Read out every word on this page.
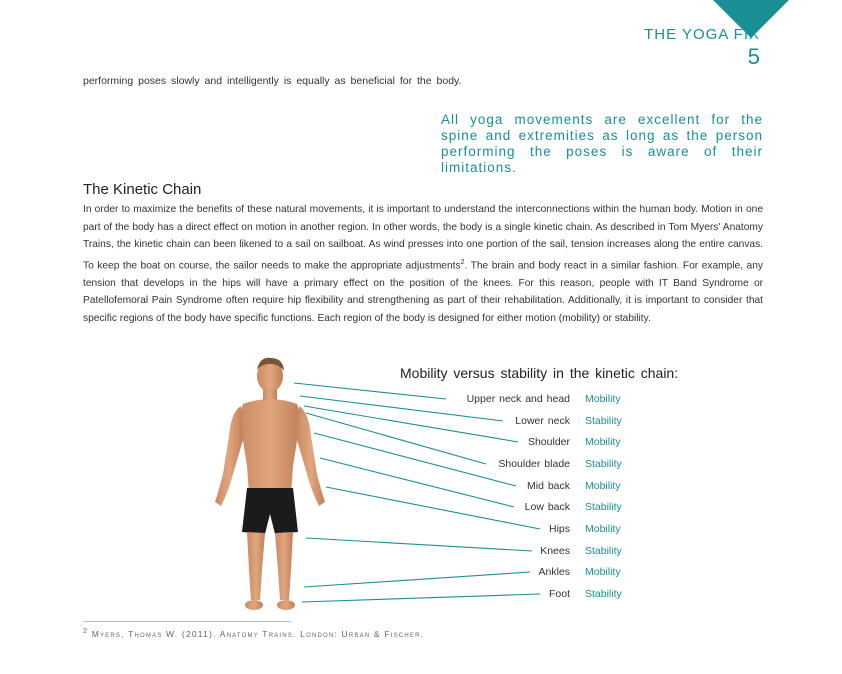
THE YOGA FIX
5
performing poses slowly and intelligently is equally as beneficial for the body.
All yoga movements are excellent for the spine and extremities as long as the person performing the poses is aware of their limitations.
The Kinetic Chain
In order to maximize the benefits of these natural movements, it is important to understand the interconnections within the human body. Motion in one part of the body has a direct effect on motion in another region. In other words, the body is a single kinetic chain. As described in Tom Myers' Anatomy Trains, the kinetic chain can been likened to a sail on sailboat. As wind presses into one portion of the sail, tension increases along the entire canvas. To keep the boat on course, the sailor needs to make the appropriate adjustments$^2$. The brain and body react in a similar fashion. For example, any tension that develops in the hips will have a primary effect on the position of the knees. For this reason, people with IT Band Syndrome or Patellofemoral Pain Syndrome often require hip flexibility and strengthening as part of their rehabilitation. Additionally, it is important to consider that specific regions of the body have specific functions. Each region of the body is designed for either motion (mobility) or stability.
Mobility versus stability in the kinetic chain:
Upper neck and head
Lower neck
Shoulder
Shoulder blade
Mid back
Low back
Hips
Knees
Ankles
Foot
Mobility
Stability
Mobility
Stability
Mobility
Stability
Mobility
Stability
Mobility
Stability
$^2$ Myers, Thomas W. (2011). Anatomy Trains. London: Urban & Fischer.
